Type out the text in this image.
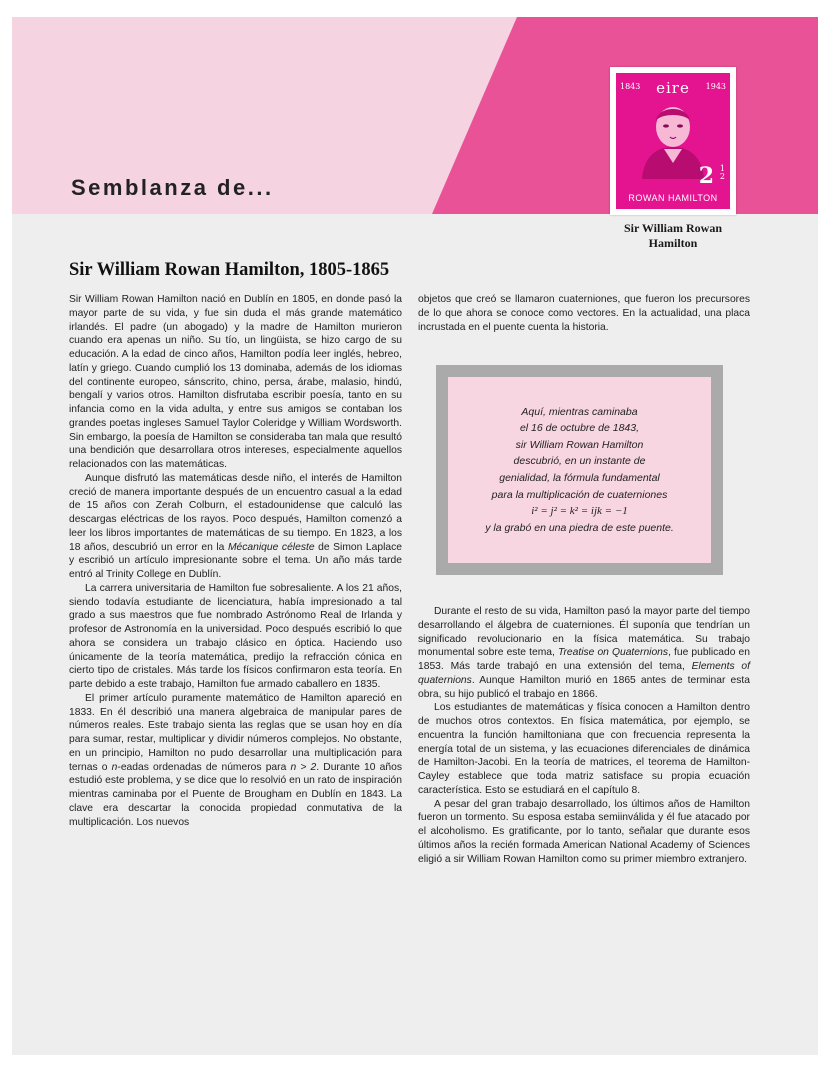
Semblanza de...
1843	eire	1943
2 1
2
ROWAN HAMILTON
Sir William Rowan
Hamilton
Sir William Rowan Hamilton, 1805-1865

Sir William Rowan Hamilton nació en Dublín en 1805, en donde pasó la mayor parte de su vida, y fue sin duda el más grande matemático irlandés. El padre (un abogado) y la madre de Hamilton murieron cuando era apenas un niño. Su tío, un lingüista, se hizo cargo de su educación. A la edad de cinco años, Hamilton podía leer inglés, hebreo, latín y griego. Cuando cumplió los 13 dominaba, además de los idiomas del continente europeo, sánscrito, chino, persa, árabe, malasio, hindú, bengalí y varios otros. Hamilton disfrutaba escribir poesía, tanto en su infancia como en la vida adulta, y entre sus amigos se contaban los grandes poetas ingleses Samuel Taylor Coleridge y William Wordsworth. Sin embargo, la poesía de Hamilton se consideraba tan mala que resultó una bendición que desarrollara otros intereses, especialmente aquellos relacionados con las matemáticas.

Aunque disfrutó las matemáticas desde niño, el interés de Hamilton creció de manera importante después de un encuentro casual a la edad de 15 años con Zerah Colburn, el estadounidense que calculó las descargas eléctricas de los rayos. Poco después, Hamilton comenzó a leer los libros importantes de matemáticas de su tiempo. En 1823, a los 18 años, descubrió un error en la Mécanique céleste de Simon Laplace y escribió un artículo impresionante sobre el tema. Un año más tarde entró al Trinity College en Dublín.

La carrera universitaria de Hamilton fue sobresaliente. A los 21 años, siendo todavía estudiante de licenciatura, había impresionado a tal grado a sus maestros que fue nombrado Astrónomo Real de Irlanda y profesor de Astronomía en la universidad. Poco después escribió lo que ahora se considera un trabajo clásico en óptica. Haciendo uso únicamente de la teoría matemática, predijo la refracción cónica en cierto tipo de cristales. Más tarde los físicos confirmaron esta teoría. En parte debido a este trabajo, Hamilton fue armado caballero en 1835.

El primer artículo puramente matemático de Hamilton apareció en 1833. En él describió una manera algebraica de manipular pares de números reales. Este trabajo sienta las reglas que se usan hoy en día para sumar, restar, multiplicar y dividir números complejos. No obstante, en un principio, Hamilton no pudo desarrollar una multiplicación para ternas o n-eadas ordenadas de números para n > 2. Durante 10 años estudió este problema, y se dice que lo resolvió en un rato de inspiración mientras caminaba por el Puente de Brougham en Dublín en 1843. La clave era descartar la conocida propiedad conmutativa de la multiplicación. Los nuevos

objetos que creó se llamaron cuaterniones, que fueron los precursores de lo que ahora se conoce como vectores. En la actualidad, una placa incrustada en el puente cuenta la historia.

Aquí, mientras caminaba
el 16 de octubre de 1843,
sir William Rowan Hamilton
descubrió, en un instante de
genialidad, la fórmula fundamental
para la multiplicación de cuaterniones
i² = j² = k² = ijk = −1
y la grabó en una piedra de este puente.

Durante el resto de su vida, Hamilton pasó la mayor parte del tiempo desarrollando el álgebra de cuaterniones. Él suponía que tendrían un significado revolucionario en la física matemática. Su trabajo monumental sobre este tema, Treatise on Quaternions, fue publicado en 1853. Más tarde trabajó en una extensión del tema, Elements of quaternions. Aunque Hamilton murió en 1865 antes de terminar esta obra, su hijo publicó el trabajo en 1866.

Los estudiantes de matemáticas y física conocen a Hamilton dentro de muchos otros contextos. En física matemática, por ejemplo, se encuentra la función hamiltoniana que con frecuencia representa la energía total de un sistema, y las ecuaciones diferenciales de dinámica de Hamilton-Jacobi. En la teoría de matrices, el teorema de Hamilton-Cayley establece que toda matriz satisface su propia ecuación característica. Esto se estudiará en el capítulo 8.

A pesar del gran trabajo desarrollado, los últimos años de Hamilton fueron un tormento. Su esposa estaba semiinválida y él fue atacado por el alcoholismo. Es gratificante, por lo tanto, señalar que durante esos últimos años la recién formada American National Academy of Sciences eligió a sir William Rowan Hamilton como su primer miembro extranjero.
